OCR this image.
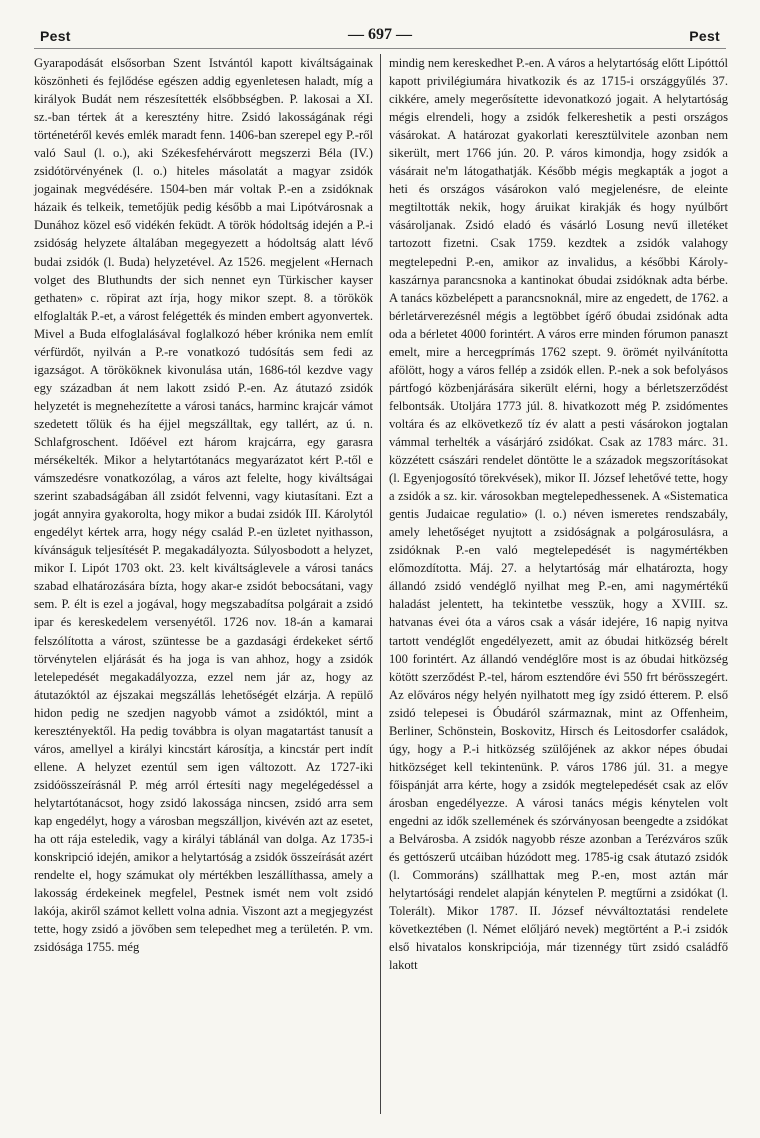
Pest	— 697 —	Pest

Gyarapodását elsősorban Szent Istvántól kapott kiváltságainak köszönheti és fejlődése egészen addig egyenletesen haladt, míg a királyok Budát nem részesítették elsőbbségben. P. lakosai a XI. sz.-ban tértek át a keresztény hitre. Zsidó lakosságának régi történetéről kevés emlék maradt fenn. 1406-ban szerepel egy P.-ről való Saul (l. o.), aki Székesfehérvárott megszerzi Béla (IV.) zsidótörvényének (l. o.) hiteles másolatát a magyar zsidók jogainak megvédésére. 1504-ben már voltak P.-en a zsidóknak házaik és telkeik, temetőjük pedig később a mai Lipótvárosnak a Dunához közel eső vidékén feküdt. A török hódoltság idején a P.-i zsidóság helyzete általában megegyezett a hódoltság alatt lévő budai zsidók (l. Buda) helyzetével. Az 1526. megjelent «Hernach volget des Bluthundts der sich nennet eyn Türkischer kayser gethaten» c. röpirat azt írja, hogy mikor szept. 8. a törökök elfoglalták P.-et, a várost felégették és minden embert agyonvertek. Mivel a Buda elfoglalásával foglalkozó héber krónika nem említ vérfürdőt, nyilván a P.-re vonatkozó tudósítás sem fedi az igazságot. A törököknek kivonulása után, 1686-tól kezdve vagy egy században át nem lakott zsidó P.-en. Az átutazó zsidók helyzetét is megnehezítette a városi tanács, harminc krajcár vámot szedetett tőlük és ha éjjel megszálltak, egy tallért, az ú. n. Schlafgroschent. Időével ezt három krajcárra, egy garasra mérsékelték. Mikor a helytartótanács megyarázatot kért P.-től e vámszedésre vonatkozólag, a város azt felelte, hogy kiváltságai szerint szabadságában áll zsidót felvenni, vagy kiutasítani. Ezt a jogát annyira gyakorolta, hogy mikor a budai zsidók III. Károlytól engedélyt kértek arra, hogy négy család P.-en üzletet nyithasson, kívánságuk teljesítését P. megakadályozta. Súlyosbodott a helyzet, mikor I. Lipót 1703 okt. 23. kelt kiváltságlevele a városi tanács szabad elhatározására bízta, hogy akar-e zsidót bebocsátani, vagy sem. P. élt is ezel a jogával, hogy megszabadítsa polgárait a zsidó ipar és kereskedelem versenyétől. 1726 nov. 18-án a kamarai felszólította a várost, szüntesse be a gazdasági érdekeket sértő törvénytelen eljárását és ha joga is van ahhoz, hogy a zsidók letelepedését megakadályozza, ezzel nem jár az, hogy az átutazóktól az éjszakai megszállás lehetőségét elzárja. A repülő hidon pedig ne szedjen nagyobb vámot a zsidóktól, mint a keresztényektől. Ha pedig továbbra is olyan magatartást tanusít a város, amellyel a királyi kincstárt károsítja, a kincstár pert indít ellene. A helyzet ezentúl sem igen változott. Az 1727-iki zsidóösszeírásnál P. még arról értesíti nagy megelégedéssel a helytartótanácsot, hogy zsidó lakossága nincsen, zsidó arra sem kap engedélyt, hogy a városban megszálljon, kivévén azt az esetet, ha ott rája esteledik, vagy a királyi táblánál van dolga. Az 1735-i konskripció idején, amikor a helytartóság a zsidók összeírását azért rendelte el, hogy számukat oly mértékben leszállíthassa, amely a lakosság érdekeinek megfelel, Pestnek ismét nem volt zsidó lakója, akiről számot kellett volna adnia. Viszont azt a megjegyzést tette, hogy zsidó a jövőben sem telepedhet meg a területén. P. vm. zsidósága 1755. még

mindig nem kereskedhet P.-en. A város a helytartóság előtt Lipóttól kapott privilégiumára hivatkozik és az 1715-i országgyűlés 37. cikkére, amely megerősítette idevonatkozó jogait. A helytartóság mégis elrendeli, hogy a zsidók felkereshetik a pesti országos vásárokat. A határozat gyakorlati keresztülvitele azonban nem sikerült, mert 1766 jún. 20. P. város kimondja, hogy zsidók a vásárait ne'm látogathatják. Később mégis megkapták a jogot a heti és országos vásárokon való megjelenésre, de eleinte megtiltották nekik, hogy áruikat kirakják és hogy nyúlbőrt vásároljanak. Zsidó eladó és vásárló Losung nevű illetéket tartozott fizetni. Csak 1759. kezdtek a zsidók valahogy megtelepedni P.-en, amikor az invalidus, a későbbi Károly-kaszárnya parancsnoka a kantinokat óbudai zsidóknak adta bérbe. A tanács közbelépett a parancsnoknál, mire az engedett, de 1762. a bérletárverezésnél mégis a legtöbbet ígérő óbudai zsidónak adta oda a bérletet 4000 forintért. A város erre minden fórumon panaszt emelt, mire a hercegprímás 1762 szept. 9. örömét nyilvánította afölött, hogy a város fellép a zsidók ellen. P.-nek a sok befolyásos pártfogó közbenjárására sikerült elérni, hogy a bérletszerződést felbontsák. Utoljára 1773 júl. 8. hivatkozott még P. zsidómentes voltára és az elkövetkező tíz év alatt a pesti vásárokon jogtalan vámmal terhelték a vásárjáró zsidókat. Csak az 1783 márc. 31. közzétett császári rendelet döntötte le a századok megszorításokat (l. Egyenjogosító törekvések), mikor II. József lehetővé tette, hogy a zsidók a sz. kir. városokban megtelepedhessenek. A «Sistematica gentis Judaicae regulatio» (l. o.) néven ismeretes rendszabály, amely lehetőséget nyujtott a zsidóságnak a polgárosulásra, a zsidóknak P.-en való megtelepedését is nagymértékben előmozdította. Máj. 27. a helytartóság már elhatározta, hogy állandó zsidó vendéglő nyilhat meg P.-en, ami nagymértékű haladást jelentett, ha tekintetbe vesszük, hogy a XVIII. sz. hatvanas évei óta a város csak a vásár idejére, 16 napig nyitva tartott vendéglőt engedélyezett, amit az óbudai hitközség bérelt 100 forintért. Az állandó vendéglőre most is az óbudai hitközség kötött szerződést P.-tel, három esztendőre évi 550 frt bérösszegért. Az előváros négy helyén nyilhatott meg így zsidó étterem. P. első zsidó telepesei is Óbudáról származnak, mint az Offenheim, Berliner, Schönstein, Boskovitz, Hirsch és Leitosdorfer családok, úgy, hogy a P.-i hitközség szülőjének az akkor népes óbudai hitközséget kell tekintenünk. P. város 1786 júl. 31. a megye főispánját arra kérte, hogy a zsidók megtelepedését csak az előv árosban engedélyezze. A városi tanács mégis kénytelen volt engedni az idők szellemének és szórványosan beengedte a zsidókat a Belvárosba. A zsidók nagyobb része azonban a Terézváros szűk és gettószerű utcáiban húzódott meg. 1785-ig csak átutazó zsidók (l. Commoráns) szállhattak meg P.-en, most aztán már helytartósági rendelet alapján kénytelen P. megtűrni a zsidókat (l. Tolerált). Mikor 1787. II. József névváltoztatási rendelete következtében (l. Német előljáró nevek) megtörtént a P.-i zsidók első hivatalos konskripciója, már tizennégy türt zsidó családfő lakott
